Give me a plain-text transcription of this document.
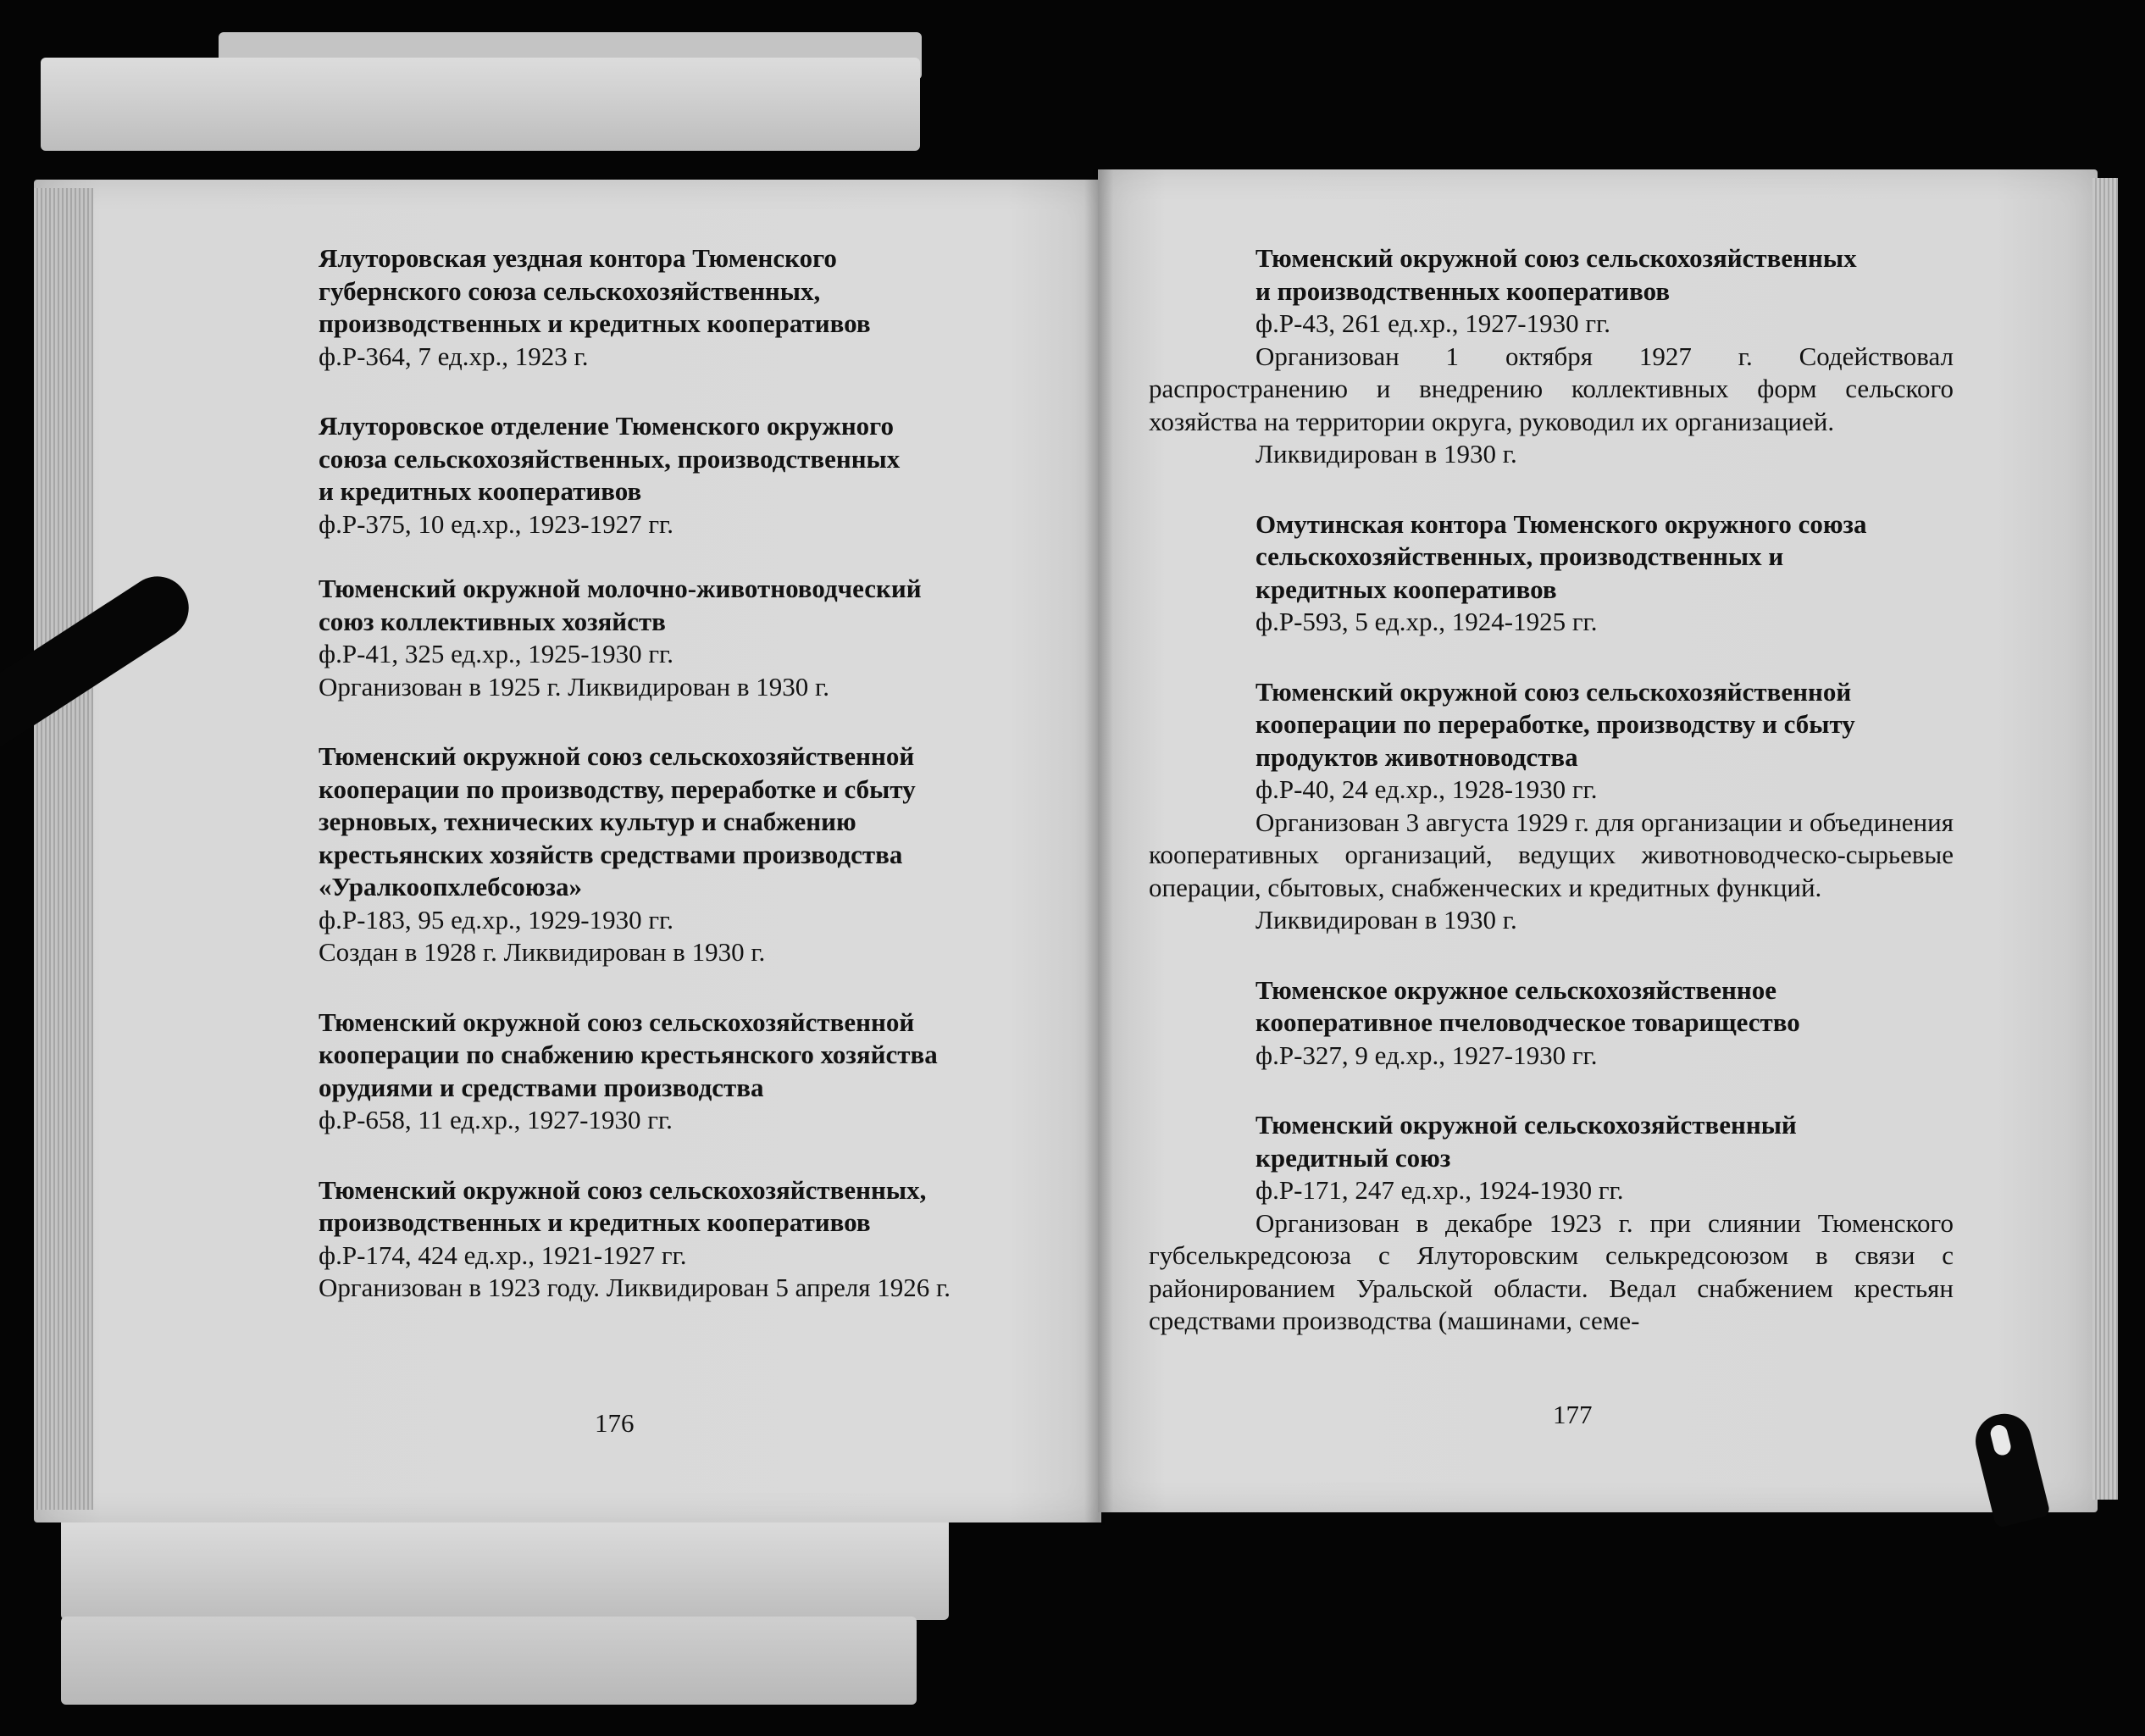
Ялуторовская уездная контора Тюменского
губернского союза сельскохозяйственных,
производственных и кредитных кооперативов

ф.Р-364, 7 ед.хр., 1923 г.

Ялуторовское отделение Тюменского окружного
союза сельскохозяйственных, производственных
и кредитных кооперативов

ф.Р-375, 10 ед.хр., 1923-1927 гг.

Тюменский окружной молочно-животноводческий
союз коллективных хозяйств

ф.Р-41, 325 ед.хр., 1925-1930 гг.

Организован в 1925 г. Ликвидирован в 1930 г.

Тюменский окружной союз сельскохозяйственной
кооперации по производству, переработке и сбыту
зерновых, технических культур и снабжению
крестьянских хозяйств средствами производства
«Уралкоопхлебсоюза»

ф.Р-183, 95 ед.хр., 1929-1930 гг.

Создан в 1928 г. Ликвидирован в 1930 г.

Тюменский окружной союз сельскохозяйственной
кооперации по снабжению крестьянского хозяйства
орудиями и средствами производства

ф.Р-658, 11 ед.хр., 1927-1930 гг.

Тюменский окружной союз сельскохозяйственных,
производственных и кредитных кооперативов

ф.Р-174, 424 ед.хр., 1921-1927 гг.

Организован в 1923 году. Ликвидирован 5 апреля 1926 г.

176

Тюменский окружной союз сельскохозяйственных
и производственных кооперативов

ф.Р-43, 261 ед.хр., 1927-1930 гг.

Организован 1 октября 1927 г. Содействовал распространению и внедрению коллективных форм сельского хозяйства на территории округа, руководил их организацией.

Ликвидирован в 1930 г.

Омутинская контора Тюменского окружного союза
сельскохозяйственных, производственных и
кредитных кооперативов

ф.Р-593, 5 ед.хр., 1924-1925 гг.

Тюменский окружной союз сельскохозяйственной
кооперации по переработке, производству и сбыту
продуктов животноводства

ф.Р-40, 24 ед.хр., 1928-1930 гг.

Организован 3 августа 1929 г. для организации и объединения кооперативных организаций, ведущих животноводческо-сырьевые операции, сбытовых, снабженческих и кредитных функций.

Ликвидирован в 1930 г.

Тюменское окружное сельскохозяйственное
кооперативное пчеловодческое товарищество

ф.Р-327, 9 ед.хр., 1927-1930 гг.

Тюменский окружной сельскохозяйственный
кредитный союз

ф.Р-171, 247 ед.хр., 1924-1930 гг.

Организован в декабре 1923 г. при слиянии Тюменского губселькредсоюза с Ялуторовским селькредсоюзом в связи с районированием Уральской области. Ведал снабжением крестьян средствами производства (машинами, семе-

177
